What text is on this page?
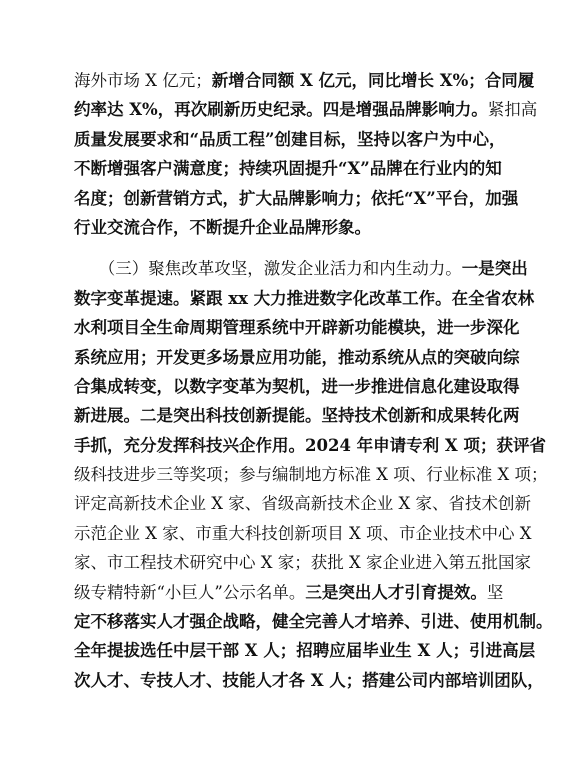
海外市场 X 亿元；新增合同额 X 亿元，同比增长 X%；合同履
约率达 X%，再次刷新历史纪录。四是增强品牌影响力。紧扣高
质量发展要求和“品质工程”创建目标，坚持以客户为中心，
不断增强客户满意度；持续巩固提升“X”品牌在行业内的知
名度；创新营销方式，扩大品牌影响力；依托“X”平台，加强
行业交流合作，不断提升企业品牌形象。
　　（三）聚焦改革攻坚，激发企业活力和内生动力。一是突出
数字变革提速。紧跟 xx 大力推进数字化改革工作。在全省农林
水利项目全生命周期管理系统中开辟新功能模块，进一步深化
系统应用；开发更多场景应用功能，推动系统从点的突破向综
合集成转变，以数字变革为契机，进一步推进信息化建设取得
新进展。二是突出科技创新提能。坚持技术创新和成果转化两
手抓，充分发挥科技兴企作用。2024 年申请专利 X 项；获评省
级科技进步三等奖项；参与编制地方标准 X 项、行业标准 X 项；
评定高新技术企业 X 家、省级高新技术企业 X 家、省技术创新
示范企业 X 家、市重大科技创新项目 X 项、市企业技术中心 X
家、市工程技术研究中心 X 家；获批 X 家企业进入第五批国家
级专精特新“小巨人”公示名单。三是突出人才引育提效。坚
定不移落实人才强企战略，健全完善人才培养、引进、使用机制。
全年提拔选任中层干部 X 人；招聘应届毕业生 X 人；引进高层
次人才、专技人才、技能人才各 X 人；搭建公司内部培训团队，
